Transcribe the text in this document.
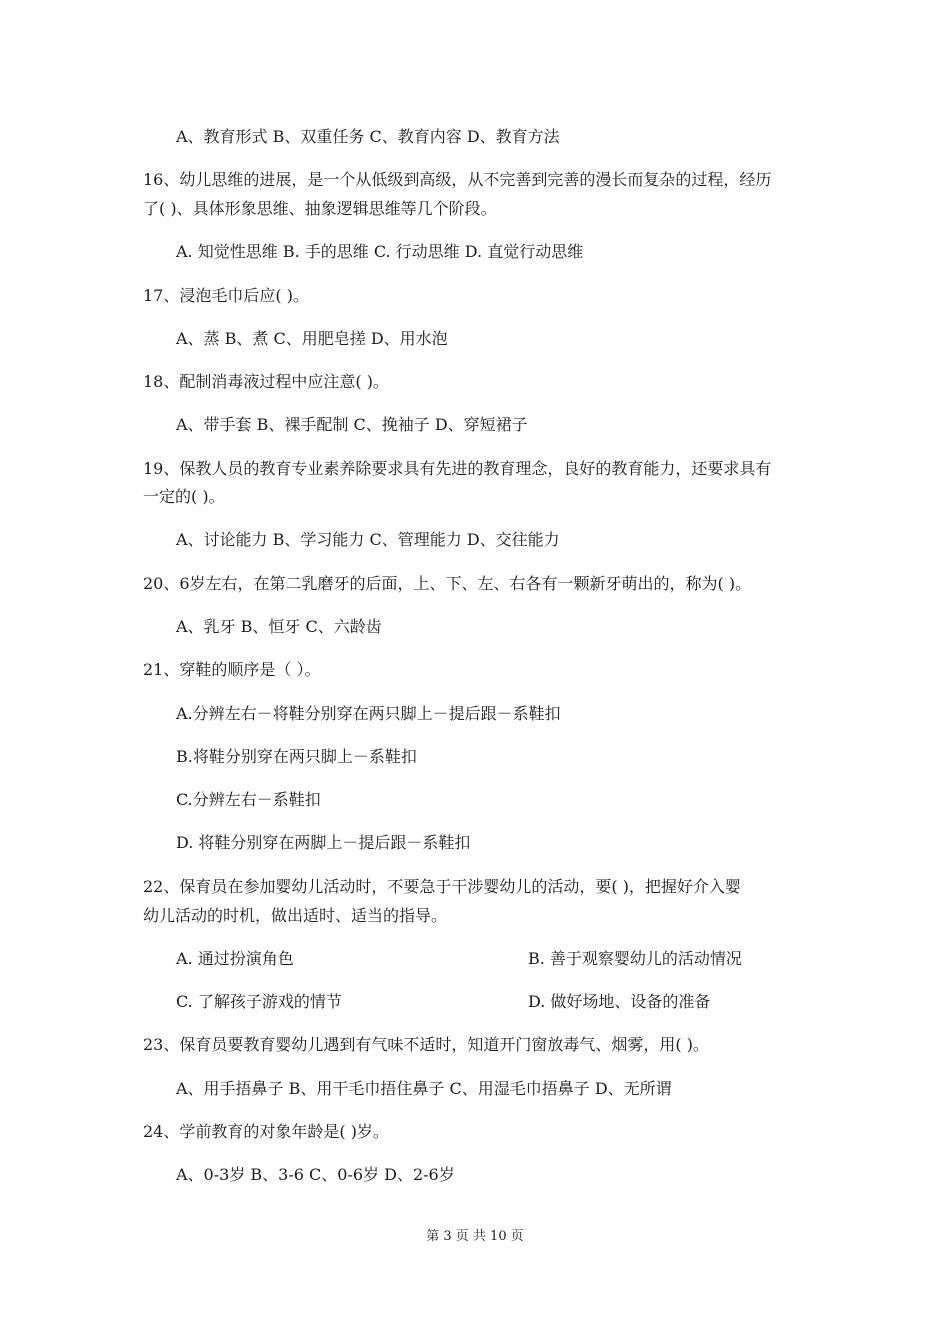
A、教育形式 B、双重任务 C、教育内容 D、教育方法
16、幼儿思维的进展，是一个从低级到高级，从不完善到完善的漫长而复杂的过程，经历
了( )、具体形象思维、抽象逻辑思维等几个阶段。
A. 知觉性思维 B. 手的思维 C. 行动思维 D. 直觉行动思维
17、浸泡毛巾后应( )。
A、蒸 B、煮 C、用肥皂搓 D、用水泡
18、配制消毒液过程中应注意( )。
A、带手套 B、裸手配制 C、挽袖子 D、穿短裙子
19、保教人员的教育专业素养除要求具有先进的教育理念，良好的教育能力，还要求具有
一定的( )。
A、讨论能力 B、学习能力 C、管理能力 D、交往能力
20、6岁左右，在第二乳磨牙的后面，上、下、左、右各有一颗新牙萌出的，称为( )。
A、乳牙 B、恒牙 C、六龄齿
21、穿鞋的顺序是（ ）。
A.分辨左右－将鞋分别穿在两只脚上－提后跟－系鞋扣
B.将鞋分别穿在两只脚上－系鞋扣
C.分辨左右－系鞋扣
D. 将鞋分别穿在两脚上－提后跟－系鞋扣
22、保育员在参加婴幼儿活动时，不要急于干涉婴幼儿的活动，要( )，把握好介入婴
幼儿活动的时机，做出适时、适当的指导。
A. 通过扮演角色	B. 善于观察婴幼儿的活动情况
C. 了解孩子游戏的情节	D. 做好场地、设备的准备
23、保育员要教育婴幼儿遇到有气味不适时，知道开门窗放毒气、烟雾，用( )。
A、用手捂鼻子 B、用干毛巾捂住鼻子 C、用湿毛巾捂鼻子 D、无所谓
24、学前教育的对象年龄是( )岁。
A、0-3岁 B、3-6 C、0-6岁 D、2-6岁
第 3 页 共 10 页
